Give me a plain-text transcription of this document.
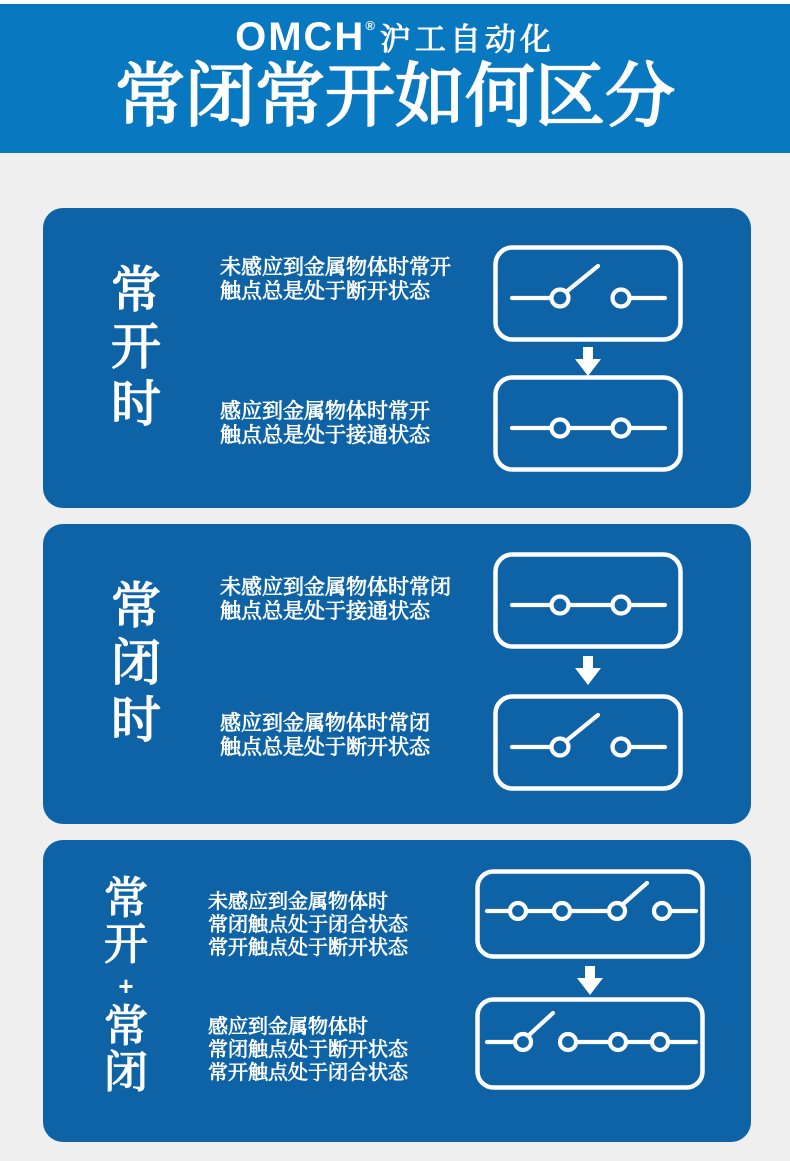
OMCH® 沪工自动化
常闭常开如何区分
常
开
时
未感应到金属物体时常开
触点总是处于断开状态
感应到金属物体时常开
触点总是处于接通状态
常
闭
时
未感应到金属物体时常闭
触点总是处于接通状态
感应到金属物体时常闭
触点总是处于断开状态
常
开
+
常
闭
未感应到金属物体时
常闭触点处于闭合状态
常开触点处于断开状态
感应到金属物体时
常闭触点处于断开状态
常开触点处于闭合状态
